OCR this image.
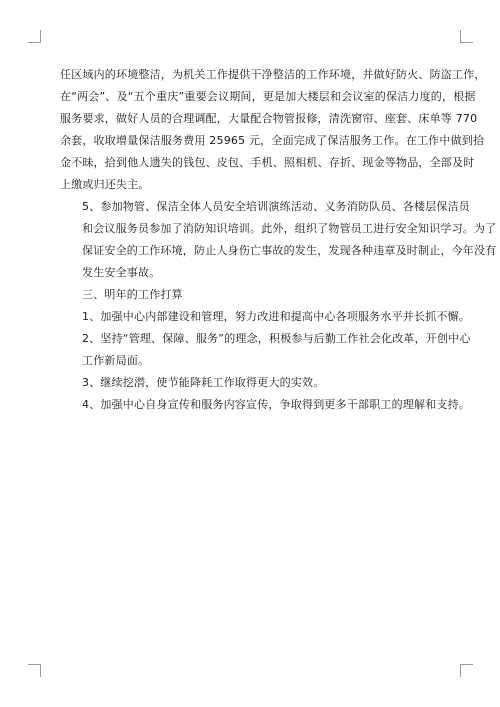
任区域内的环境整洁，为机关工作提供干净整洁的工作环境，并做好防火、防盗工作，
在“两会”、及“五个重庆”重要会议期间，更是加大楼层和会议室的保洁力度的，根据
服务要求，做好人员的合理调配，大量配合物管报修，清洗窗帘、座套、床单等 770
余套，收取增量保洁服务费用 25965 元，全面完成了保洁服务工作。在工作中做到拾
金不昧，拾到他人遗失的钱包、皮包、手机、照相机、存折、现金等物品，全部及时
上缴或归还失主。

5、参加物管、保洁全体人员安全培训演练活动、义务消防队员、各楼层保洁员
和会议服务员参加了消防知识培训。此外，组织了物管员工进行安全知识学习。为了
保证安全的工作环境，防止人身伤亡事故的发生，发现各种违章及时制止，今年没有
发生安全事故。

三、明年的工作打算

1、加强中心内部建设和管理，努力改进和提高中心各项服务水平并长抓不懈。

2、坚持“管理、保障、服务”的理念，积极参与后勤工作社会化改革，开创中心
工作新局面。

3、继续挖潜，使节能降耗工作取得更大的实效。

4、加强中心自身宣传和服务内容宣传，争取得到更多干部职工的理解和支持。
